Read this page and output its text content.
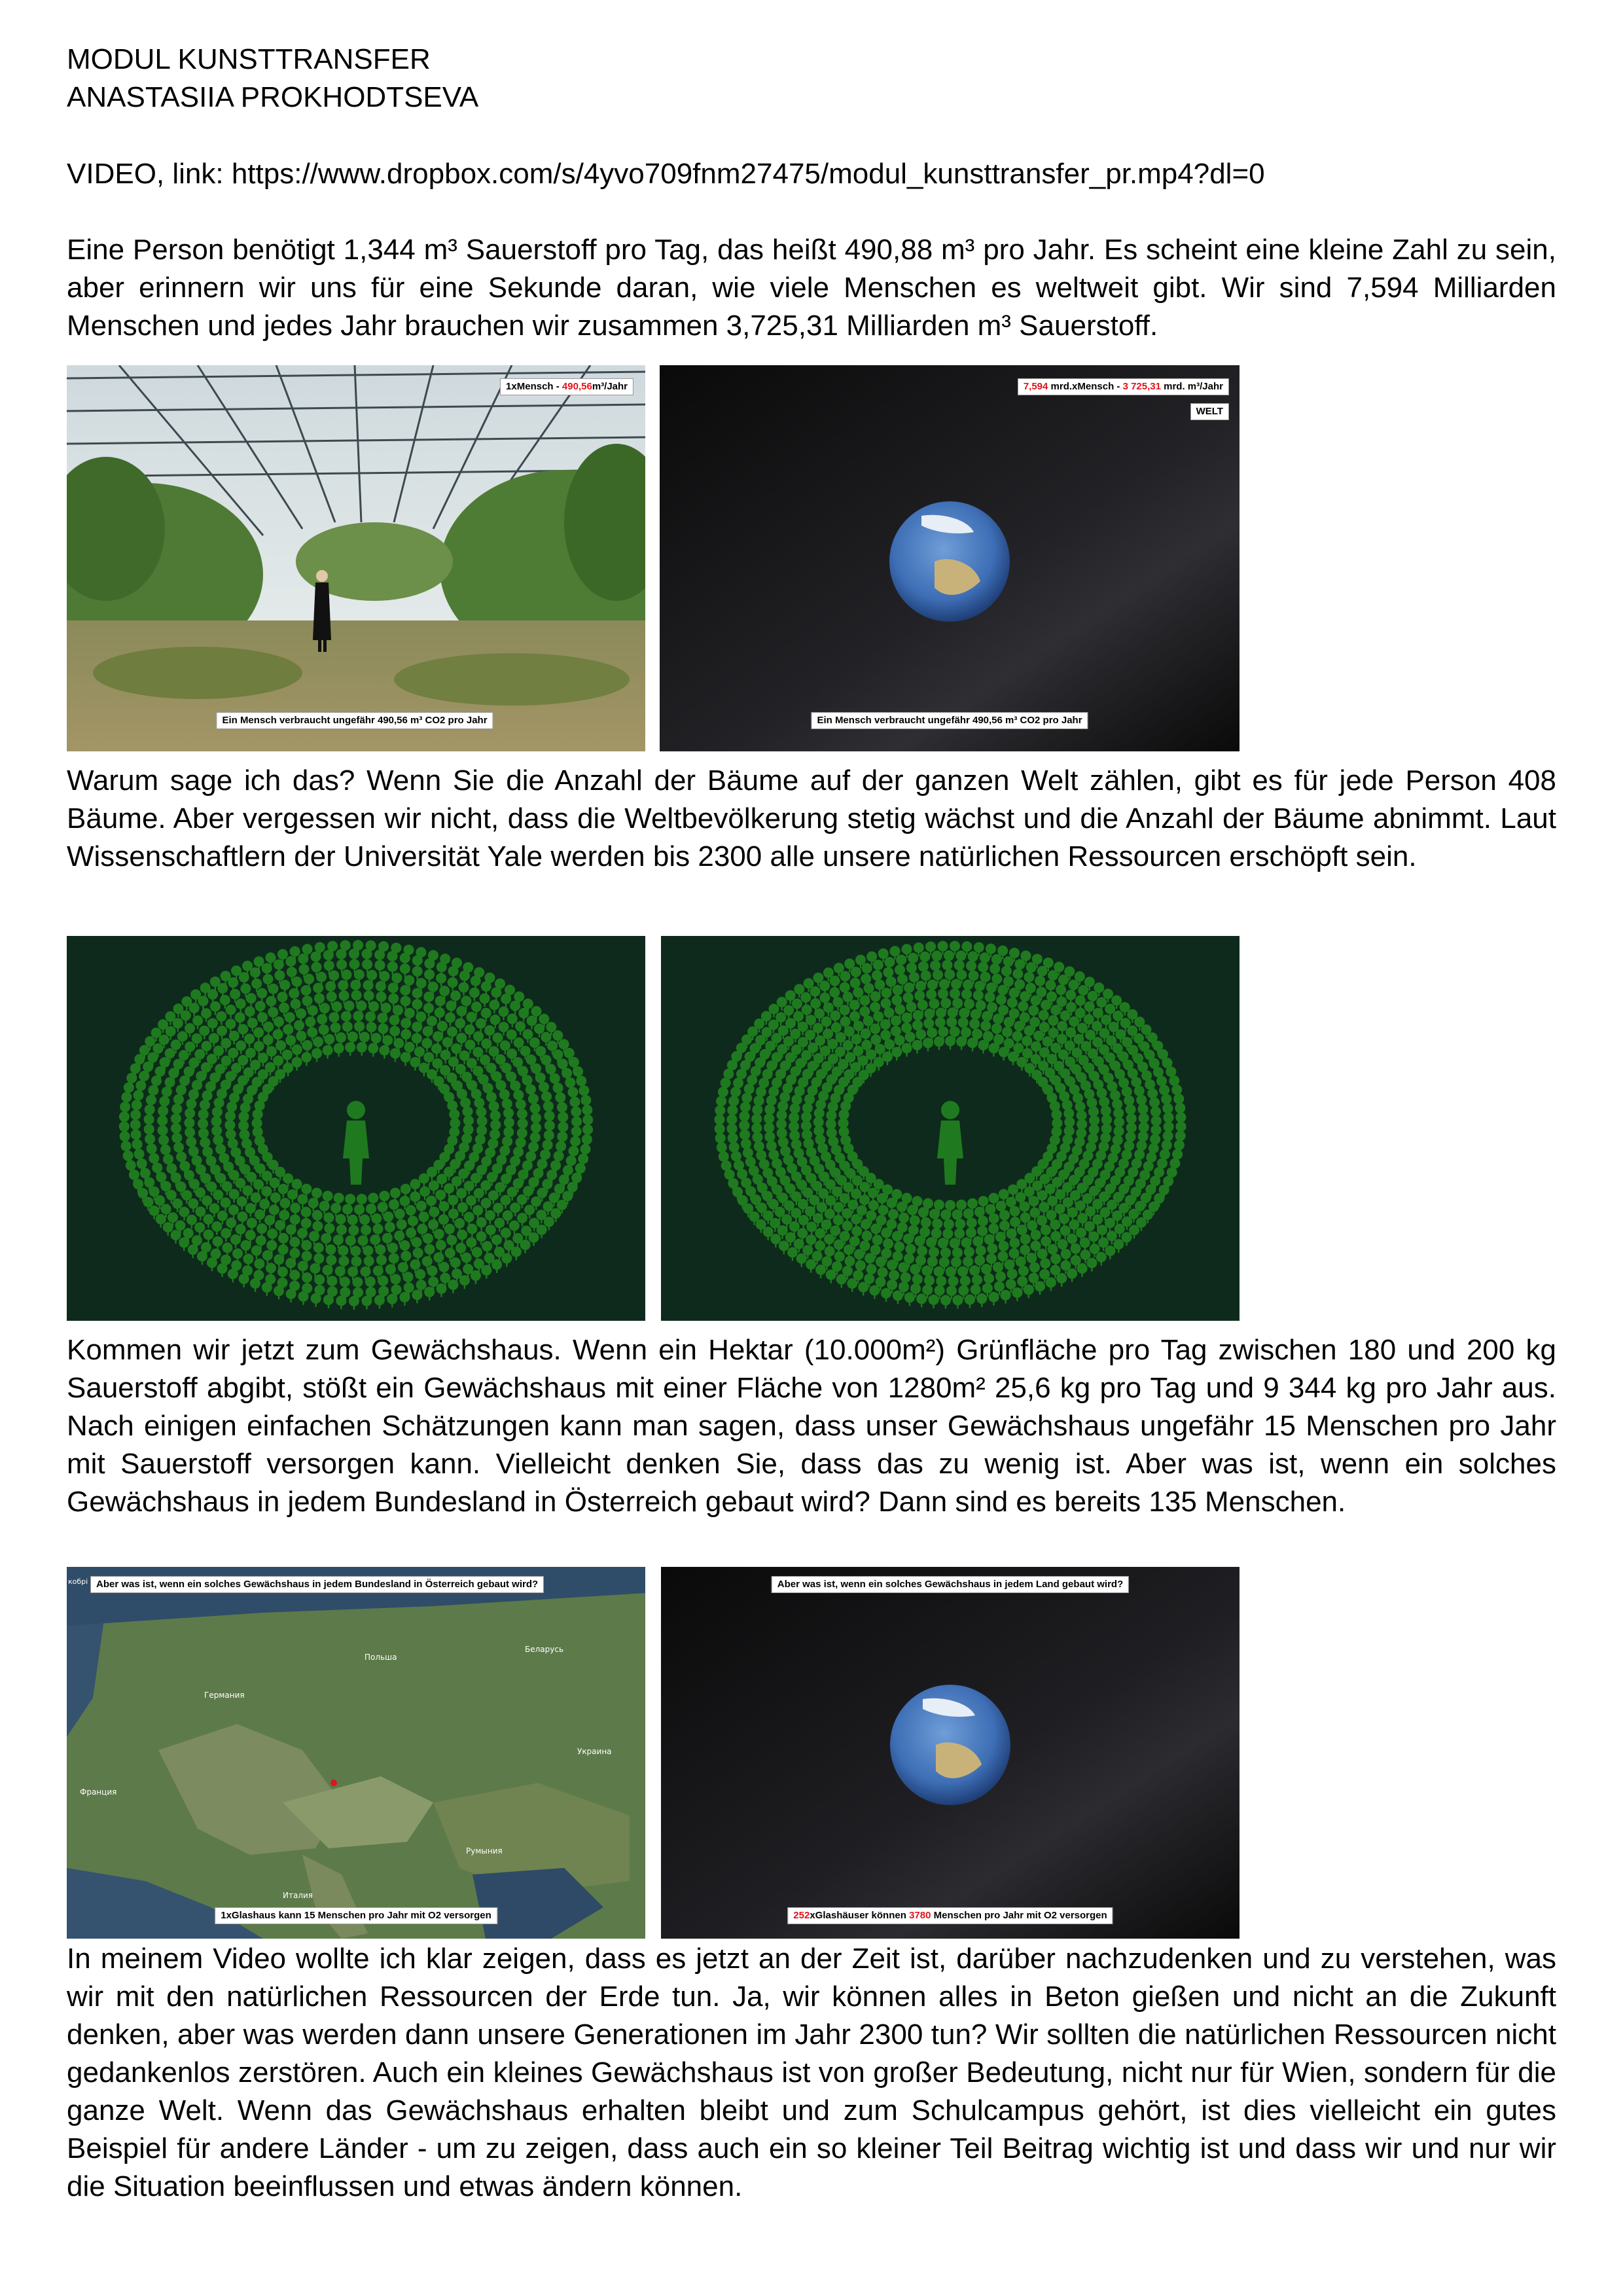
MODUL KUNSTTRANSFER
ANASTASIIA PROKHODTSEVA
VIDEO, link: https://www.dropbox.com/s/4yvo709fnm27475/modul_kunsttransfer_pr.mp4?dl=0

Eine Person benötigt 1,344 m³ Sauerstoff pro Tag, das heißt 490,88 m³ pro Jahr. Es scheint eine kleine Zahl zu sein, aber erinnern wir uns für eine Sekunde daran, wie viele Menschen es weltweit gibt. Wir sind 7,594 Milliarden Menschen und jedes Jahr brauchen wir zusammen 3,725,31 Milliarden m³ Sauerstoff.

1xMensch - 490,56m³/Jahr
Ein Mensch verbraucht ungefähr 490,56 m³ CO2 pro Jahr
7,594 mrd.xMensch - 3 725,31 mrd. m³/Jahr
WELT
Ein Mensch verbraucht ungefähr 490,56 m³ CO2 pro Jahr

Warum sage ich das? Wenn Sie die Anzahl der Bäume auf der ganzen Welt zählen, gibt es für jede Person 408 Bäume. Aber vergessen wir nicht, dass die Weltbevölkerung stetig wächst und die Anzahl der Bäume abnimmt. Laut Wissenschaftlern der Universität Yale werden bis 2300 alle unsere natürlichen Ressourcen erschöpft sein.

Kommen wir jetzt zum Gewächshaus. Wenn ein Hektar (10.000m²) Grünfläche pro Tag zwischen 180 und 200 kg Sauerstoff abgibt, stößt ein Gewächshaus mit einer Fläche von 1280m² 25,6 kg pro Tag und 9 344 kg pro Jahr aus. Nach einigen einfachen Schätzungen kann man sagen, dass unser Gewächshaus ungefähr 15 Menschen pro Jahr mit Sauerstoff versorgen kann. Vielleicht denken Sie, dass das zu wenig ist. Aber was ist, wenn ein solches Gewächshaus in jedem Bundesland in Österreich gebaut wird? Dann sind es bereits 135 Menschen.

кобрі
Польша
Беларусь
Германия
Украина
Франция
Румыния
Италия
Aber was ist, wenn ein solches Gewächshaus in jedem Bundesland in Österreich gebaut wird?
1xGlashaus kann 15 Menschen pro Jahr mit O2 versorgen
Aber was ist, wenn ein solches Gewächshaus in jedem Land gebaut wird?
252xGlashäuser können 3780 Menschen pro Jahr mit O2 versorgen

In meinem Video wollte ich klar zeigen, dass es jetzt an der Zeit ist, darüber nachzudenken und zu verstehen, was wir mit den natürlichen Ressourcen der Erde tun. Ja, wir können alles in Beton gießen und nicht an die Zukunft denken, aber was werden dann unsere Generationen im Jahr 2300 tun? Wir sollten die natürlichen Ressourcen nicht gedankenlos zerstören. Auch ein kleines Gewächshaus ist von großer Bedeutung, nicht nur für Wien, sondern für die ganze Welt. Wenn das Gewächshaus erhalten bleibt und zum Schulcampus gehört, ist dies vielleicht ein gutes Beispiel für andere Länder - um zu zeigen, dass auch ein so kleiner Teil Beitrag wichtig ist und dass wir und nur wir die Situation beeinflussen und etwas ändern können.
